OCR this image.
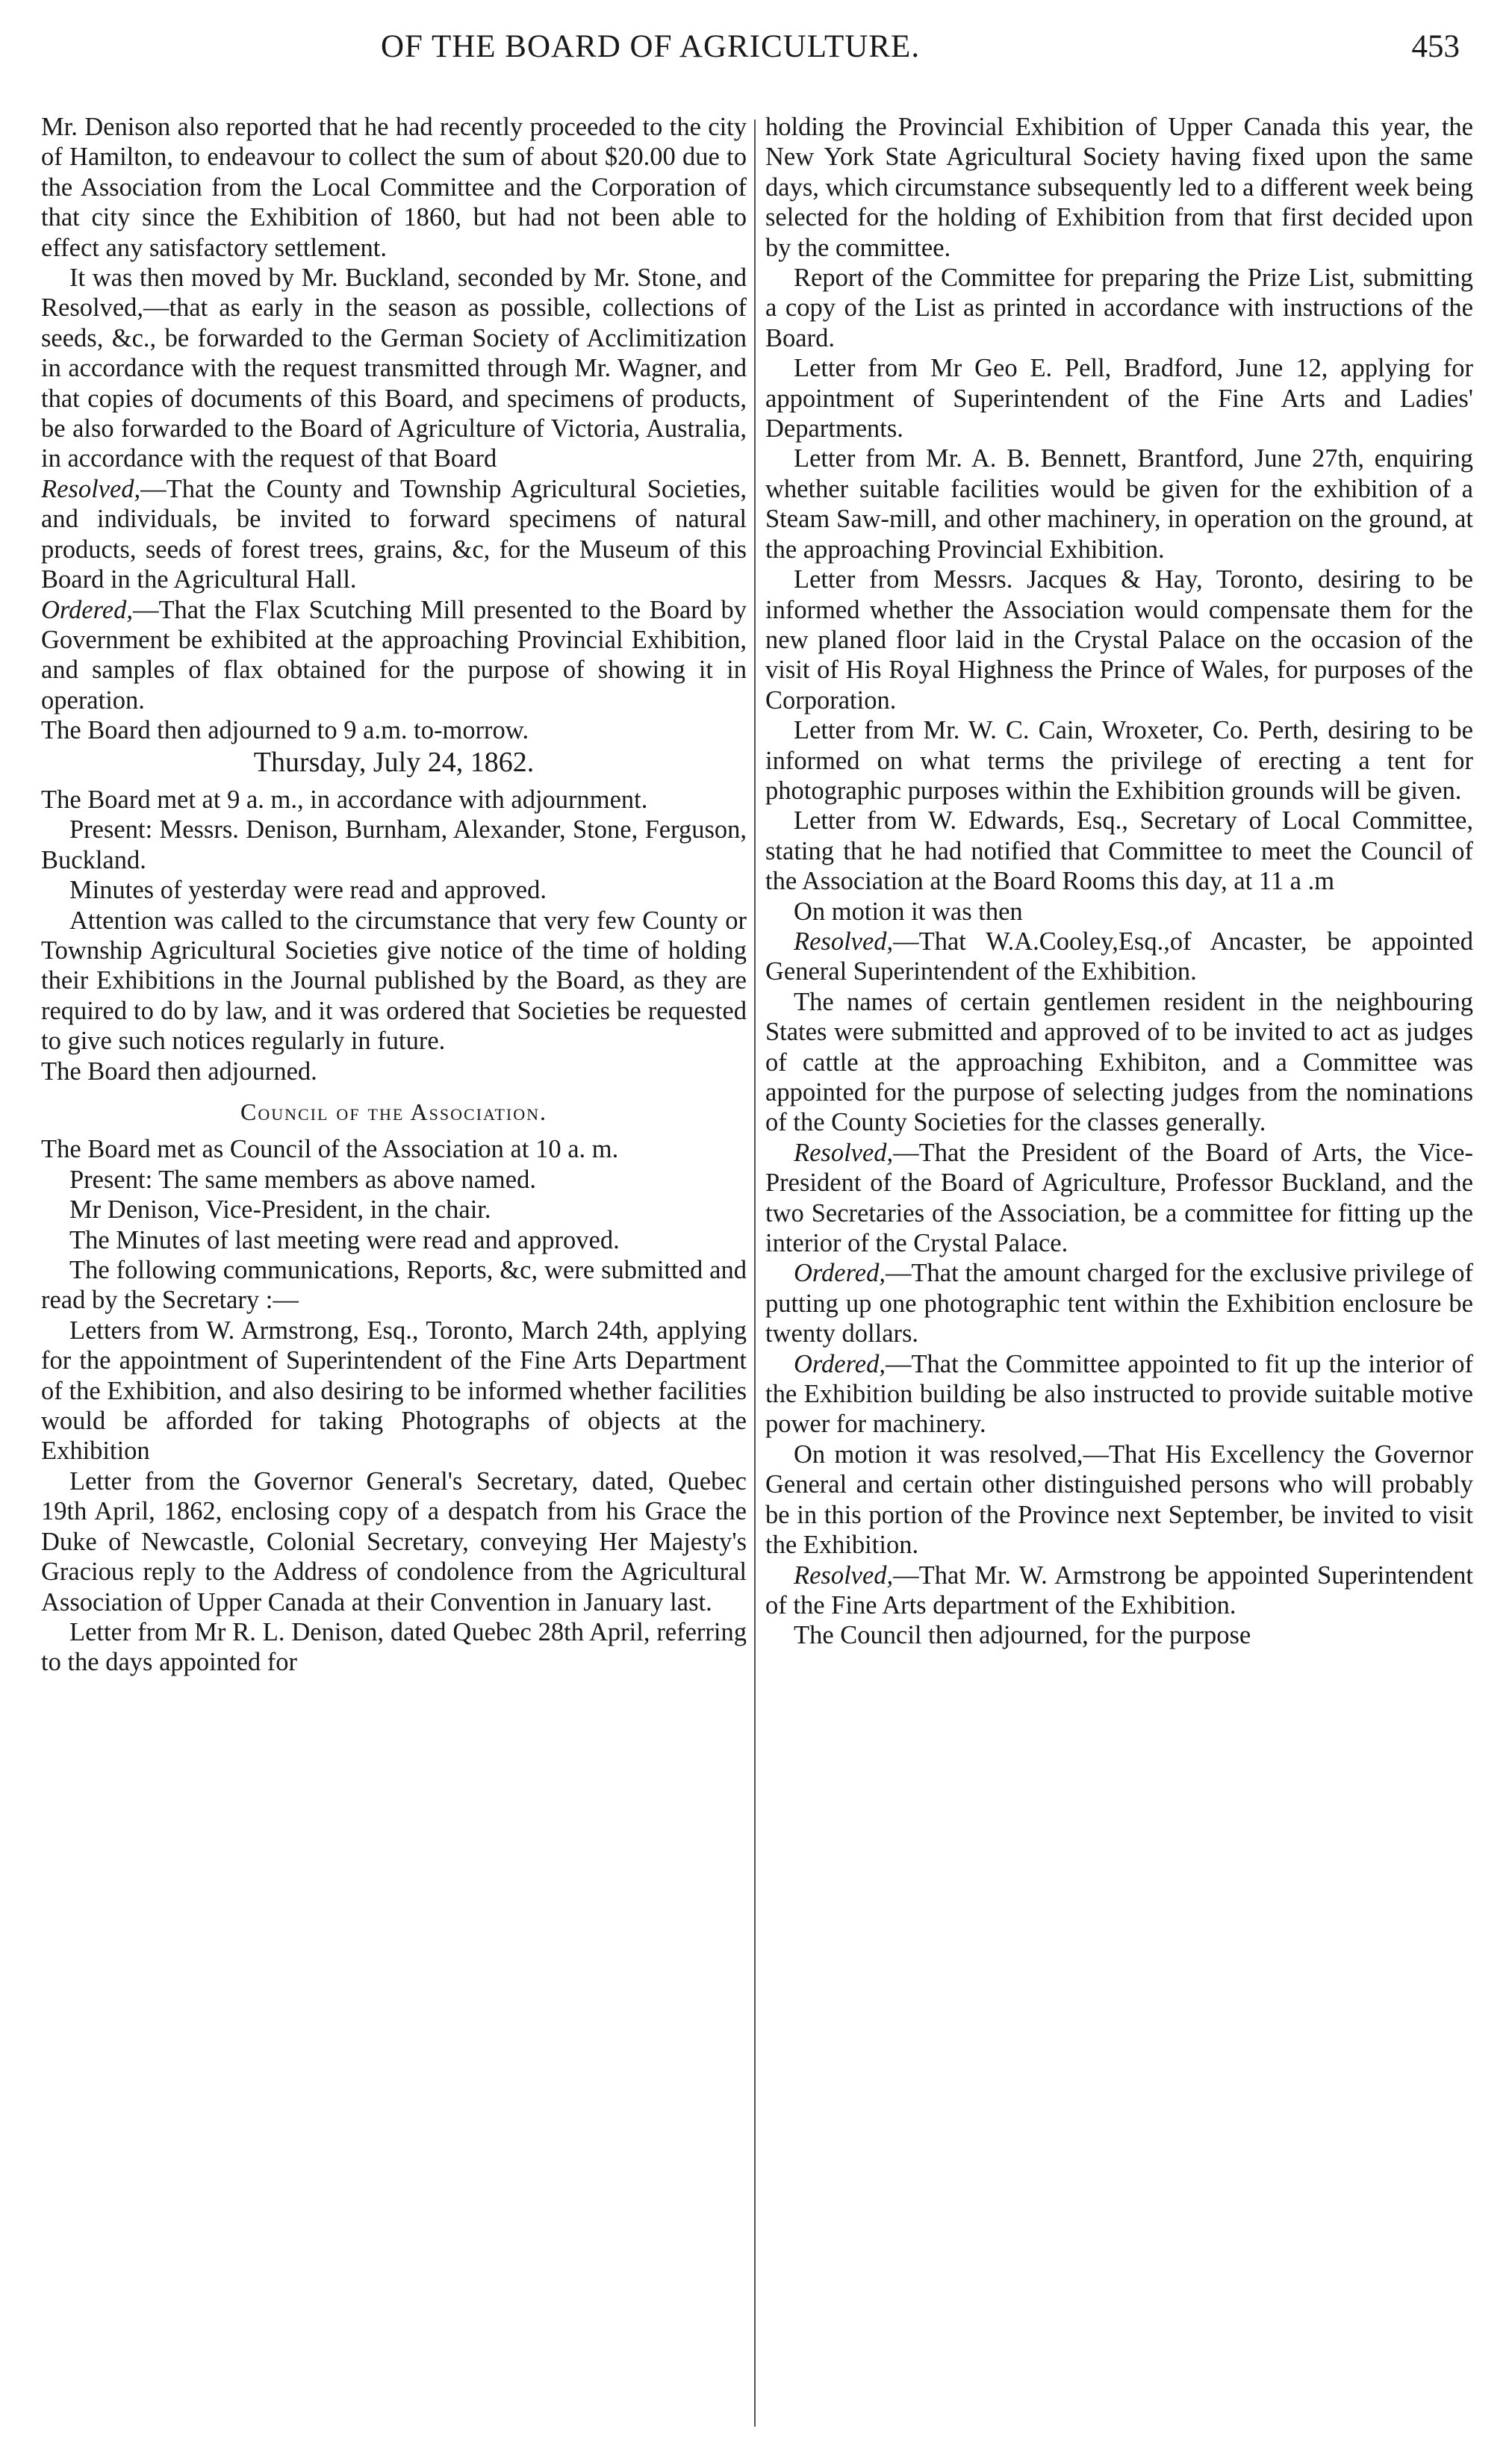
OF THE BOARD OF AGRICULTURE.	453

Mr. Denison also reported that he had recently proceeded to the city of Hamilton, to endeavour to collect the sum of about $20.00 due to the Association from the Local Committee and the Corporation of that city since the Exhibition of 1860, but had not been able to effect any satisfactory settlement.

It was then moved by Mr. Buckland, seconded by Mr. Stone, and Resolved,—that as early in the season as possible, collections of seeds, &c., be forwarded to the German Society of Acclimitization in accordance with the request transmitted through Mr. Wagner, and that copies of documents of this Board, and specimens of products, be also forwarded to the Board of Agriculture of Victoria, Australia, in accordance with the request of that Board

Resolved,—That the County and Township Agricultural Societies, and individuals, be invited to forward specimens of natural products, seeds of forest trees, grains, &c, for the Museum of this Board in the Agricultural Hall.

Ordered,—That the Flax Scutching Mill presented to the Board by Government be exhibited at the approaching Provincial Exhibition, and samples of flax obtained for the purpose of showing it in operation.

The Board then adjourned to 9 a.m. to-morrow.

Thursday, July 24, 1862.

The Board met at 9 a. m., in accordance with adjournment.

Present: Messrs. Denison, Burnham, Alexander, Stone, Ferguson, Buckland.

Minutes of yesterday were read and approved.

Attention was called to the circumstance that very few County or Township Agricultural Societies give notice of the time of holding their Exhibitions in the Journal published by the Board, as they are required to do by law, and it was ordered that Societies be requested to give such notices regularly in future.

The Board then adjourned.

Council of the Association.

The Board met as Council of the Association at 10 a. m.

Present: The same members as above named.

Mr Denison, Vice-President, in the chair.

The Minutes of last meeting were read and approved.

The following communications, Reports, &c, were submitted and read by the Secretary :—

Letters from W. Armstrong, Esq., Toronto, March 24th, applying for the appointment of Superintendent of the Fine Arts Department of the Exhibition, and also desiring to be informed whether facilities would be afforded for taking Photographs of objects at the Exhibition

Letter from the Governor General's Secretary, dated, Quebec 19th April, 1862, enclosing copy of a despatch from his Grace the Duke of Newcastle, Colonial Secretary, conveying Her Majesty's Gracious reply to the Address of condolence from the Agricultural Association of Upper Canada at their Convention in January last.

Letter from Mr R. L. Denison, dated Quebec 28th April, referring to the days appointed for

holding the Provincial Exhibition of Upper Canada this year, the New York State Agricultural Society having fixed upon the same days, which circumstance subsequently led to a different week being selected for the holding of Exhibition from that first decided upon by the committee.

Report of the Committee for preparing the Prize List, submitting a copy of the List as printed in accordance with instructions of the Board.

Letter from Mr Geo E. Pell, Bradford, June 12, applying for appointment of Superintendent of the Fine Arts and Ladies' Departments.

Letter from Mr. A. B. Bennett, Brantford, June 27th, enquiring whether suitable facilities would be given for the exhibition of a Steam Saw-mill, and other machinery, in operation on the ground, at the approaching Provincial Exhibition.

Letter from Messrs. Jacques & Hay, Toronto, desiring to be informed whether the Association would compensate them for the new planed floor laid in the Crystal Palace on the occasion of the visit of His Royal Highness the Prince of Wales, for purposes of the Corporation.

Letter from Mr. W. C. Cain, Wroxeter, Co. Perth, desiring to be informed on what terms the privilege of erecting a tent for photographic purposes within the Exhibition grounds will be given.

Letter from W. Edwards, Esq., Secretary of Local Committee, stating that he had notified that Committee to meet the Council of the Association at the Board Rooms this day, at 11 a .m

On motion it was then

Resolved,—That W.A.Cooley,Esq.,of Ancaster, be appointed General Superintendent of the Exhibition.

The names of certain gentlemen resident in the neighbouring States were submitted and approved of to be invited to act as judges of cattle at the approaching Exhibiton, and a Committee was appointed for the purpose of selecting judges from the nominations of the County Societies for the classes generally.

Resolved,—That the President of the Board of Arts, the Vice-President of the Board of Agriculture, Professor Buckland, and the two Secretaries of the Association, be a committee for fitting up the interior of the Crystal Palace.

Ordered,—That the amount charged for the exclusive privilege of putting up one photographic tent within the Exhibition enclosure be twenty dollars.

Ordered,—That the Committee appointed to fit up the interior of the Exhibition building be also instructed to provide suitable motive power for machinery.

On motion it was resolved,—That His Excellency the Governor General and certain other distinguished persons who will probably be in this portion of the Province next September, be invited to visit the Exhibition.

Resolved,—That Mr. W. Armstrong be appointed Superintendent of the Fine Arts department of the Exhibition.

The Council then adjourned, for the purpose
